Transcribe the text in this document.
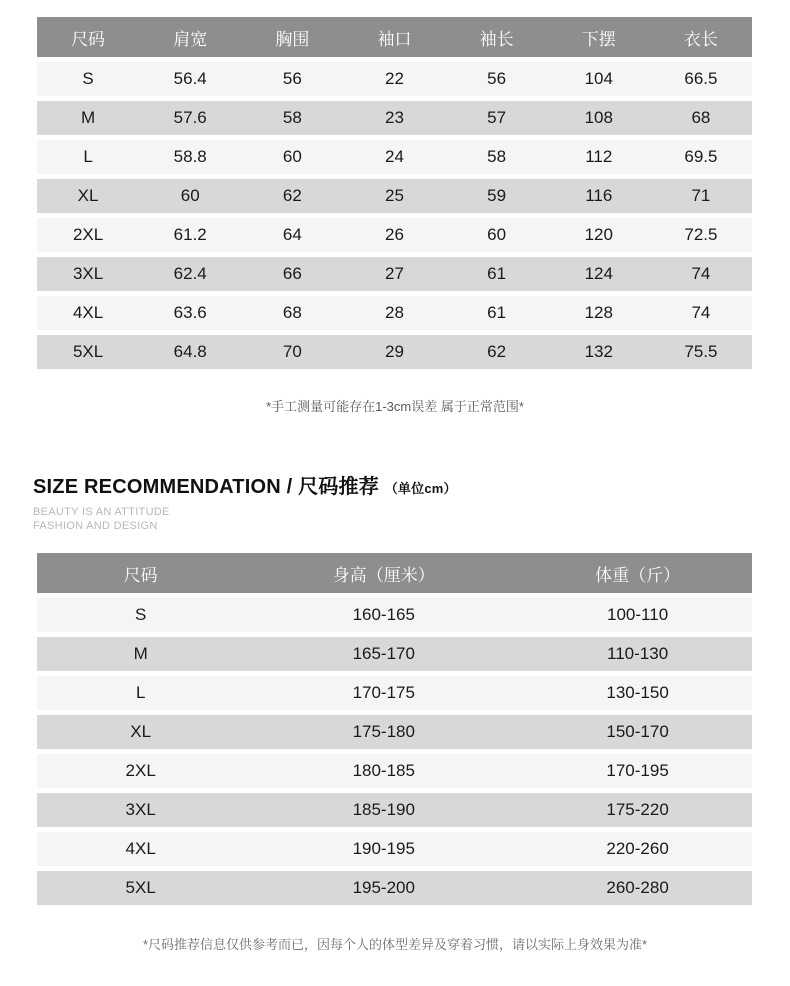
尺码	肩宽	胸围	袖口	袖长	下摆	衣长
S	56.4	56	22	56	104	66.5
M	57.6	58	23	57	108	68
L	58.8	60	24	58	112	69.5
XL	60	62	25	59	116	71
2XL	61.2	64	26	60	120	72.5
3XL	62.4	66	27	61	124	74
4XL	63.6	68	28	61	128	74
5XL	64.8	70	29	62	132	75.5
*手工测量可能存在1-3cm误差 属于正常范围*
SIZE RECOMMENDATION / 尺码推荐 （单位cm）
BEAUTY IS AN ATTITUDE
FASHION AND DESIGN
尺码	身高（厘米）	体重（斤）
S	160-165	100-110
M	165-170	110-130
L	170-175	130-150
XL	175-180	150-170
2XL	180-185	170-195
3XL	185-190	175-220
4XL	190-195	220-260
5XL	195-200	260-280
*尺码推荐信息仅供参考而已，因每个人的体型差异及穿着习惯，请以实际上身效果为准*
